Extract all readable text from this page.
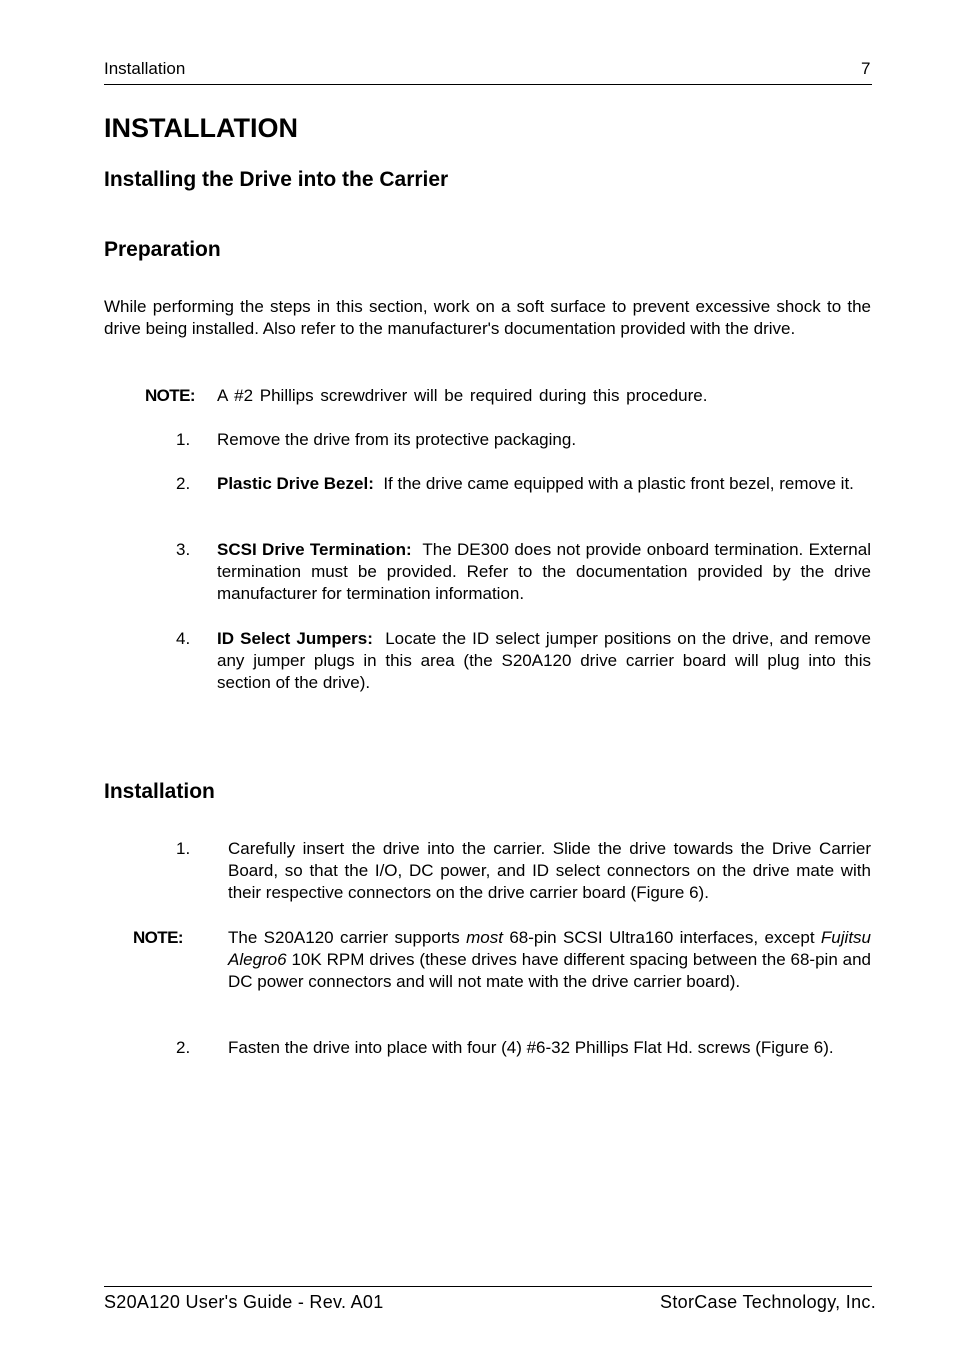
Installation	7
INSTALLATION
Installing the Drive into the Carrier
Preparation
While performing the steps in this section, work on a soft surface to prevent excessive shock to the drive being installed. Also refer to the manufacturer's documentation provided with the drive.
NOTE: A #2 Phillips screwdriver will be required during this procedure.
1. Remove the drive from its protective packaging.
2. Plastic Drive Bezel: If the drive came equipped with a plastic front bezel, remove it.
3. SCSI Drive Termination: The DE300 does not provide onboard termination. External termination must be provided. Refer to the documentation provided by the drive manufacturer for termination information.
4. ID Select Jumpers: Locate the ID select jumper positions on the drive, and remove any jumper plugs in this area (the S20A120 drive carrier board will plug into this section of the drive).
Installation
1. Carefully insert the drive into the carrier. Slide the drive towards the Drive Carrier Board, so that the I/O, DC power, and ID select connectors on the drive mate with their respective connectors on the drive carrier board (Figure 6).
NOTE:	The S20A120 carrier supports most 68-pin SCSI Ultra160 interfaces, except Fujitsu Alegro6 10K RPM drives (these drives have different spacing between the 68-pin and DC power connectors and will not mate with the drive carrier board).
2. Fasten the drive into place with four (4) #6-32 Phillips Flat Hd. screws (Figure 6).
S20A120 User's Guide - Rev. A01	StorCase Technology, Inc.
